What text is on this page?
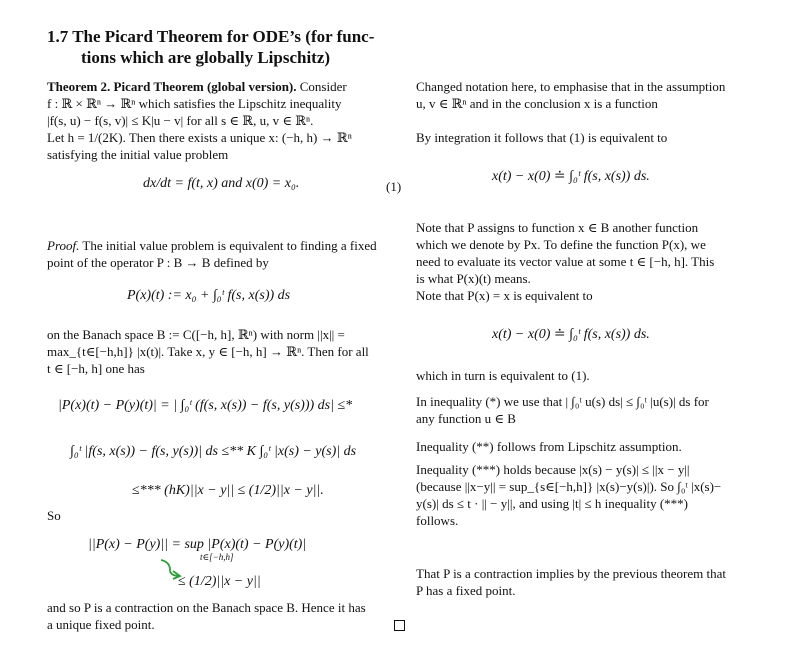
1.7 The Picard Theorem for ODE’s (for func-
tions which are globally Lipschitz)
Theorem 2. Picard Theorem (global version). Consider
f : ℝ × ℝⁿ → ℝⁿ which satisfies the Lipschitz inequality
|f(s, u) − f(s, v)| ≤ K|u − v| for all s ∈ ℝ, u, v ∈ ℝⁿ.
Let h = 1/(2K). Then there exists a unique x: (−h, h) → ℝⁿ
satisfying the initial value problem
dx/dt = f(t, x) and x(0) = x₀.	(1)
Proof. The initial value problem is equivalent to finding a fixed
point of the operator P : B → B defined by
P(x)(t) := x₀ + ∫₀ᵗ f(s, x(s)) ds
on the Banach space B := C([−h, h], ℝⁿ) with norm ||x|| =
max_{t∈[−h,h]} |x(t)|. Take x, y ∈ [−h, h] → ℝⁿ. Then for all
t ∈ [−h, h] one has
|P(x)(t) − P(y)(t)| = | ∫₀ᵗ (f(s, x(s)) − f(s, y(s))) ds| ≤*
∫₀ᵗ |f(s, x(s)) − f(s, y(s))| ds ≤** K ∫₀ᵗ |x(s) − y(s)| ds
≤*** (hK)||x − y|| ≤ (1/2)||x − y||.
So
||P(x) − P(y)|| = sup |P(x)(t) − P(y)(t)|
t∈[−h,h]
≤ (1/2)||x − y||
and so P is a contraction on the Banach space B. Hence it has
a unique fixed point.
Changed notation here, to emphasise that in the assumption
u, v ∈ ℝⁿ and in the conclusion x is a function
By integration it follows that (1) is equivalent to
x(t) − x(0) ≐ ∫₀ᵗ f(s, x(s)) ds.
Note that P assigns to function x ∈ B another function
which we denote by Px. To define the function P(x), we
need to evaluate its vector value at some t ∈ [−h, h]. This
is what P(x)(t) means.
Note that P(x) = x is equivalent to
x(t) − x(0) ≐ ∫₀ᵗ f(s, x(s)) ds.
which in turn is equivalent to (1).
In inequality (*) we use that | ∫₀ᵗ u(s) ds| ≤ ∫₀ᵗ |u(s)| ds for
any function u ∈ B
Inequality (**) follows from Lipschitz assumption.
Inequality (***) holds because |x(s) − y(s)| ≤ ||x − y||
(because ||x−y|| = sup_{s∈[−h,h]} |x(s)−y(s)|). So ∫₀ᵗ |x(s)−
y(s)| ds ≤ t · || − y||, and using |t| ≤ h inequality (***)
follows.
That P is a contraction implies by the previous theorem that
P has a fixed point.
